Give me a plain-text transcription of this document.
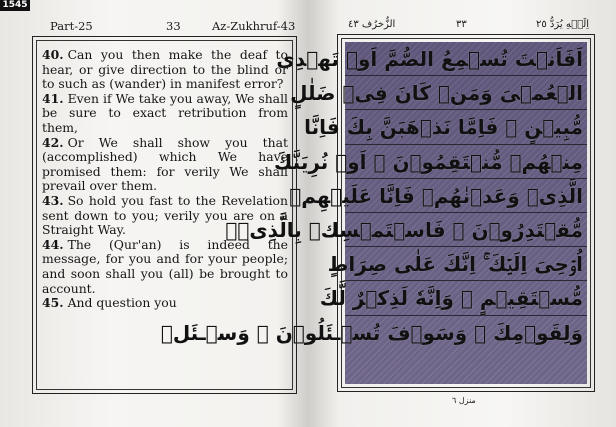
1545
Part-25	33	Az-Zukhruf-43

40. Can you then make the deaf to hear, or give direction to the blind or to such as (wander) in manifest error?

41. Even if We take you away, We shall be sure to exact retribution from them,

42. Or We shall show you that (accomplished) which We have promised them: for verily We shall prevail over them.

43. So hold you fast to the Revelation sent down to you; verily you are on a Straight Way.

44. The (Qur'an) is indeed the message, for you and for your people; and soon shall you (all) be brought to account.

45. And question you

الزُّخرُف ٤٣	٣٣	اِلَيۡهِ يُرَدُّ ٢٥
اَفَاَنۡتَ تُسۡمِعُ الصُّمَّ اَوۡ تَهۡدِى
الۡعُمۡىَ وَمَنۡ كَانَ فِىۡ ضَلٰلٍ
مُّبِيۡنٍ ۞ فَاِمَّا نَذۡهَبَنَّ بِكَ فَاِنَّا
مِنۡهُمۡ مُّنۡتَقِمُوۡنَ ۞ اَوۡ نُرِيَنَّكَ
الَّذِىۡ وَعَدۡنٰهُمۡ فَاِنَّا عَلَيۡهِمۡ
مُّقۡتَدِرُوۡنَ ۞ فَاسۡتَمۡسِكۡ بِالَّذِىۡۤ
اُوۡحِىَ اِلَيۡكَ‌ ۚ اِنَّكَ عَلٰى صِرَاطٍ
مُّسۡتَقِيۡمٍ ۞ وَاِنَّهٗ لَذِكۡرٌ لَّكَ
وَلِقَوۡمِكَ‌ ۚ وَسَوۡفَ تُسۡـئَلُوۡنَ ۞ وَسۡـئَلۡ
منزل ٦
